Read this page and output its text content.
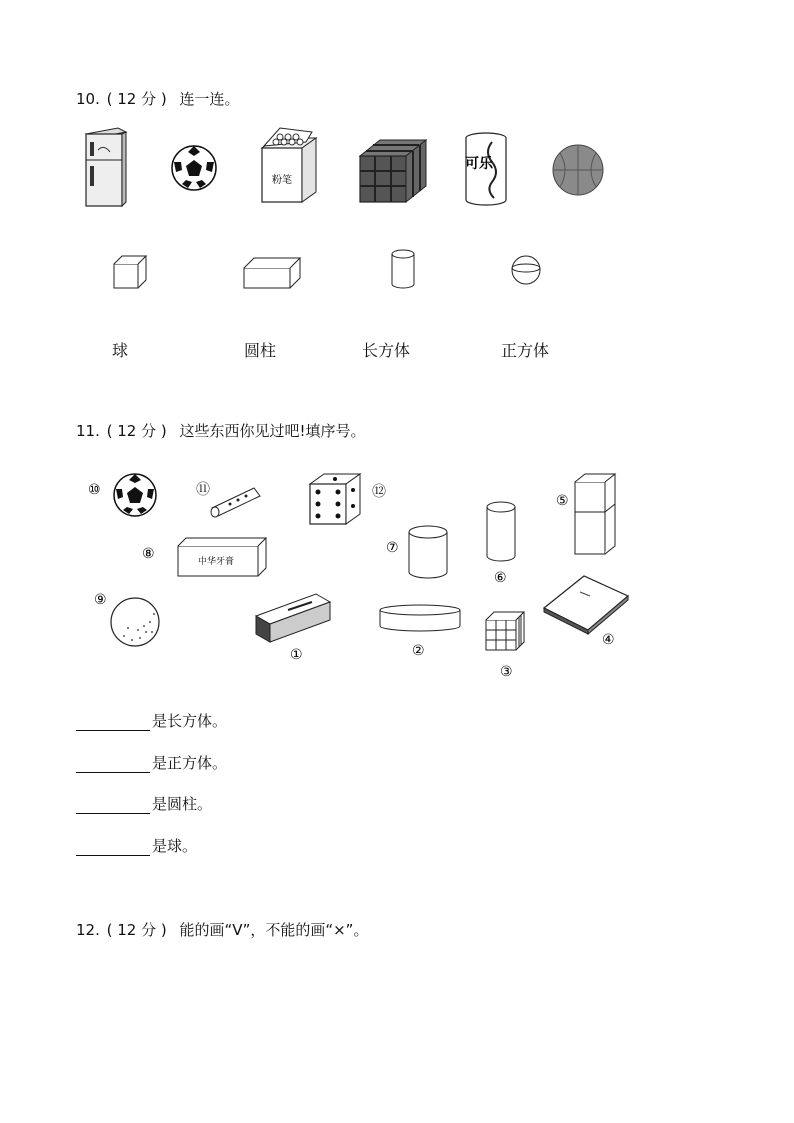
10. ( 12 分 ) 连一连。
粉笔
可乐
球	圆柱	长方体	正方体
11. ( 12 分 ) 这些东西你见过吧!填序号。
⑩	⑪	⑫
⑤
⑥
⑦
⑧	中华牙膏
⑨
①	②
③
④
是长方体。
是正方体。
是圆柱。
是球。
12. ( 12 分 ) 能的画“V”，不能的画“×”。
